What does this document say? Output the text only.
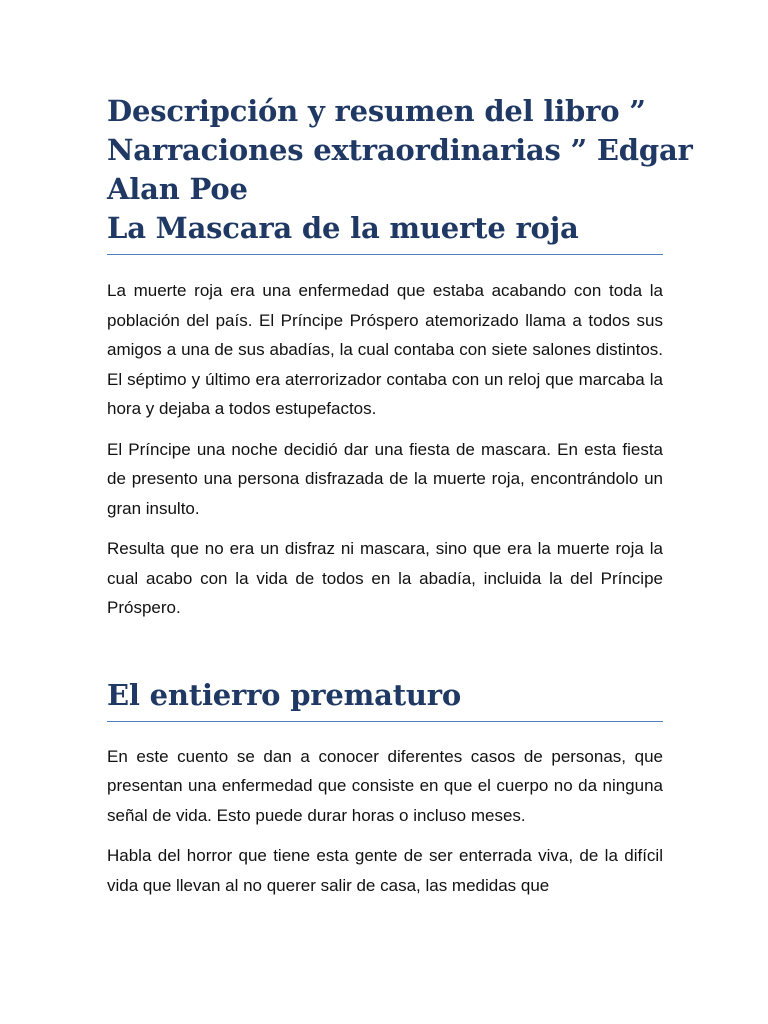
Descripción y resumen del libro ”
Narraciones extraordinarias ” Edgar
Alan Poe
La Mascara de la muerte roja

La muerte roja era una enfermedad que estaba acabando con toda la población del país. El Príncipe Próspero atemorizado llama a todos sus amigos a una de sus abadías, la cual contaba con siete salones distintos. El séptimo y último era aterrorizador contaba con un reloj que marcaba la hora y dejaba a todos estupefactos.

El Príncipe una noche decidió dar una fiesta de mascara. En esta fiesta de presento una persona disfrazada de la muerte roja, encontrándolo un gran insulto.

Resulta que no era un disfraz ni mascara, sino que era la muerte roja la cual acabo con la vida de todos en la abadía, incluida la del Príncipe Próspero.

El entierro prematuro

En este cuento se dan a conocer diferentes casos de personas, que presentan una enfermedad que consiste en que el cuerpo no da ninguna señal de vida. Esto puede durar horas o incluso meses.

Habla del horror que tiene esta gente de ser enterrada viva, de la difícil vida que llevan al no querer salir de casa, las medidas que
